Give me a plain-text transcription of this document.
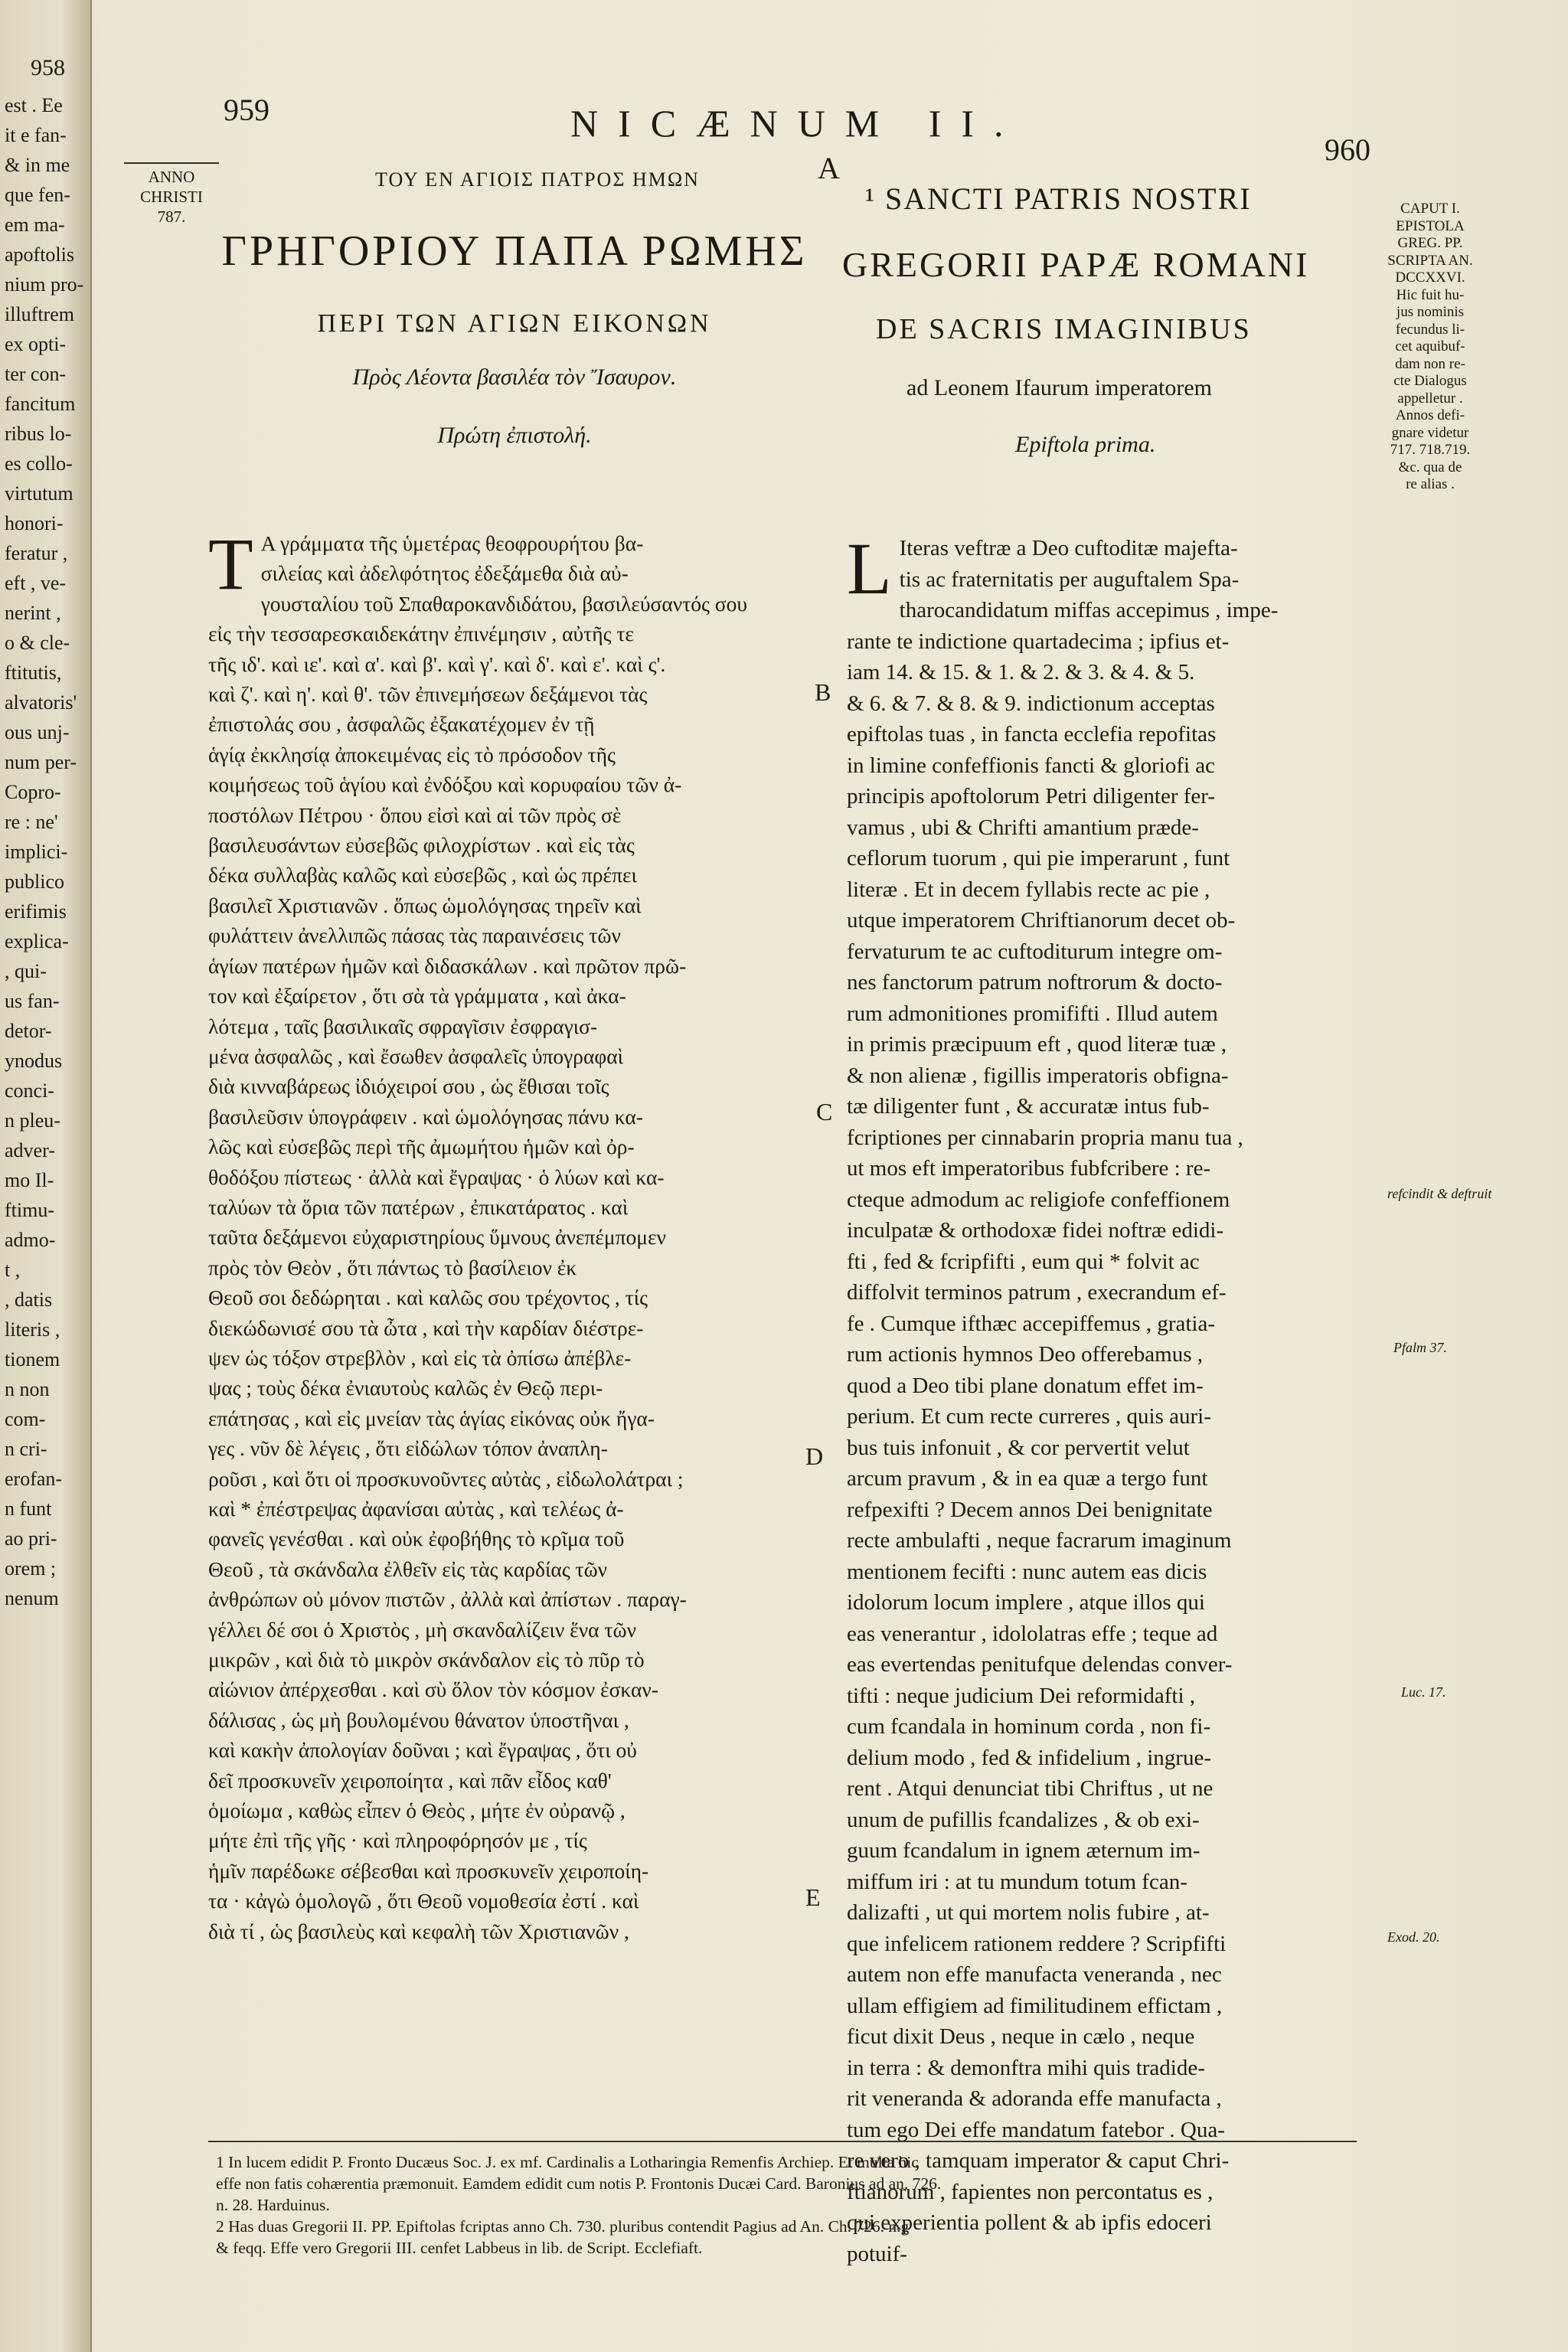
958
est . Ee
it e fan-
& in me
que fen-
em ma-
apoftolis
nium pro-
illuftrem
ex opti-
ter con-
fancitum
ribus lo-
es collo-
virtutum
honori-
feratur ,
eft , ve-
nerint ,
o & cle-
ftitutis,
alvatoris'
ous unj-
num per-
Copro-
re : ne'
implici-
publico
erifimis
explica-
, qui-
us fan-
detor-
ynodus
conci-
n pleu-
adver-
mo Il-
ftimu-
admo-
t ,
, datis
literis ,
tionem
n non
com-
n cri-
erofan-
n funt
ao pri-
orem ;
nenum
959	NICÆNUM II.
A
960
ANNO
CHRISTI
787.
ΤΟΥ ΕΝ ΑΓΙΟΙΣ ΠΑΤΡΟΣ ΗΜΩΝ
ΓΡΗΓΟΡΙΟΥ ΠΑΠΑ ΡΩΜΗΣ
ΠΕΡΙ ΤΩΝ ΑΓΙΩΝ ΕΙΚΟΝΩΝ
Πρὸς Λέοντα βασιλέα τὸν Ἴσαυρον.
Πρώτη ἐπιστολή.
¹ SANCTI PATRIS NOSTRI
GREGORII PAPÆ ROMANI
DE SACRIS IMAGINIBUS
ad Leonem Ifaurum imperatorem
Epiftola prima.
Τ Α γράμματα τῆς ὑμετέρας θεοφρουρήτου βα-
σιλείας καὶ ἀδελφότητος ἐδεξάμεθα διὰ αὐ-
γουσταλίου τοῦ Σπαθαροκανδιδάτου, βασιλεύσαντός σου
εἰς τὴν τεσσαρεσκαιδεκάτην ἐπινέμησιν , αὐτῆς τε
τῆς ιδ'. καὶ ιε'. καὶ α'. καὶ β'. καὶ γ'. καὶ δ'. καὶ ε'. καὶ ς'.
καὶ ζ'. καὶ η'. καὶ θ'. τῶν ἐπινεμήσεων δεξάμενοι τὰς
ἐπιστολάς σου , ἀσφαλῶς ἐξακατέχομεν ἐν τῇ
ἁγίᾳ ἐκκλησίᾳ ἀποκειμένας εἰς τὸ πρόσοδον τῆς
κοιμήσεως τοῦ ἁγίου καὶ ἐνδόξου καὶ κορυφαίου τῶν ἀ-
ποστόλων Πέτρου · ὅπου εἰσὶ καὶ αἱ τῶν πρὸς σὲ
βασιλευσάντων εὐσεβῶς φιλοχρίστων . καὶ εἰς τὰς
δέκα συλλαβὰς καλῶς καὶ εὐσεβῶς , καὶ ὡς πρέπει
βασιλεῖ Χριστιανῶν . ὅπως ὡμολόγησας τηρεῖν καὶ
φυλάττειν ἀνελλιπῶς πάσας τὰς παραινέσεις τῶν
ἁγίων πατέρων ἡμῶν καὶ διδασκάλων . καὶ πρῶτον πρῶ-
τον καὶ ἐξαίρετον , ὅτι σὰ τὰ γράμματα , καὶ ἀκα-
λότεμα , ταῖς βασιλικαῖς σφραγῖσιν ἐσφραγισ-
μένα ἀσφαλῶς , καὶ ἔσωθεν ἀσφαλεῖς ὑπογραφαὶ
διὰ κινναβάρεως ἰδιόχειροί σου , ὡς ἔθισαι τοῖς
βασιλεῦσιν ὑπογράφειν . καὶ ὡμολόγησας πάνυ κα-
λῶς καὶ εὐσεβῶς περὶ τῆς ἀμωμήτου ἡμῶν καὶ ὀρ-
θοδόξου πίστεως · ἀλλὰ καὶ ἔγραψας · ὁ λύων καὶ κα-
ταλύων τὰ ὅρια τῶν πατέρων , ἐπικατάρατος . καὶ
ταῦτα δεξάμενοι εὐχαριστηρίους ὕμνους ἀνεπέμπομεν
πρὸς τὸν Θεὸν , ὅτι πάντως τὸ βασίλειον ἐκ
Θεοῦ σοι δεδώρηται . καὶ καλῶς σου τρέχοντος , τίς
διεκώδωνισέ σου τὰ ὦτα , καὶ τὴν καρδίαν διέστρε-
ψεν ὡς τόξον στρεβλὸν , καὶ εἰς τὰ ὀπίσω ἀπέβλε-
ψας ; τοὺς δέκα ἐνιαυτοὺς καλῶς ἐν Θεῷ περι-
επάτησας , καὶ εἰς μνείαν τὰς ἁγίας εἰκόνας οὐκ ἤγα-
γες . νῦν δὲ λέγεις , ὅτι εἰδώλων τόπον ἀναπλη-
ροῦσι , καὶ ὅτι οἱ προσκυνοῦντες αὐτὰς , εἰδωλολάτραι ;
καὶ * ἐπέστρεψας ἀφανίσαι αὐτὰς , καὶ τελέως ἀ-
φανεῖς γενέσθαι . καὶ οὐκ ἐφοβήθης τὸ κρῖμα τοῦ
Θεοῦ , τὰ σκάνδαλα ἐλθεῖν εἰς τὰς καρδίας τῶν
ἀνθρώπων οὐ μόνον πιστῶν , ἀλλὰ καὶ ἀπίστων . παραγ-
γέλλει δέ σοι ὁ Χριστὸς , μὴ σκανδαλίζειν ἕνα τῶν
μικρῶν , καὶ διὰ τὸ μικρὸν σκάνδαλον εἰς τὸ πῦρ τὸ
αἰώνιον ἀπέρχεσθαι . καὶ σὺ ὅλον τὸν κόσμον ἐσκαν-
δάλισας , ὡς μὴ βουλομένου θάνατον ὑποστῆναι ,
καὶ κακὴν ἀπολογίαν δοῦναι ; καὶ ἔγραψας , ὅτι οὐ
δεῖ προσκυνεῖν χειροποίητα , καὶ πᾶν εἶδος καθ'
ὁμοίωμα , καθὼς εἶπεν ὁ Θεὸς , μήτε ἐν οὐρανῷ ,
μήτε ἐπὶ τῆς γῆς · καὶ πληροφόρησόν με , τίς
ἡμῖν παρέδωκε σέβεσθαι καὶ προσκυνεῖν χειροποίη-
τα · κἀγὼ ὁμολογῶ , ὅτι Θεοῦ νομοθεσία ἐστί . καὶ
διὰ τί , ὡς βασιλεὺς καὶ κεφαλὴ τῶν Χριστιανῶν ,
L Iteras veftræ a Deo cuftoditæ majefta-
tis ac fraternitatis per auguftalem Spa-
tharocandidatum miffas accepimus , impe-
rante te indictione quartadecima ; ipfius et-
iam 14. & 15. & 1. & 2. & 3. & 4. & 5.
& 6. & 7. & 8. & 9. indictionum acceptas
epiftolas tuas , in fancta ecclefia repofitas
in limine confeffionis fancti & gloriofi ac
principis apoftolorum Petri diligenter fer-
vamus , ubi & Chrifti amantium præde-
ceflorum tuorum , qui pie imperarunt , funt
literæ . Et in decem fyllabis recte ac pie ,
utque imperatorem Chriftianorum decet ob-
fervaturum te ac cuftoditurum integre om-
nes fanctorum patrum noftrorum & docto-
rum admonitiones promififti . Illud autem
in primis præcipuum eft , quod literæ tuæ ,
& non alienæ , figillis imperatoris obfigna-
tæ diligenter funt , & accuratæ intus fub-
fcriptiones per cinnabarin propria manu tua ,
ut mos eft imperatoribus fubfcribere : re-
cteque admodum ac religiofe confeffionem
inculpatæ & orthodoxæ fidei noftræ edidi-
fti , fed & fcripfifti , eum qui * folvit ac
diffolvit terminos patrum , execrandum ef-
fe . Cumque ifthæc accepiffemus , gratia-
rum actionis hymnos Deo offerebamus ,
quod a Deo tibi plane donatum effet im-
perium. Et cum recte curreres , quis auri-
bus tuis infonuit , & cor pervertit velut
arcum pravum , & in ea quæ a tergo funt
refpexifti ? Decem annos Dei benignitate
recte ambulafti , neque facrarum imaginum
mentionem fecifti : nunc autem eas dicis
idolorum locum implere , atque illos qui
eas venerantur , idololatras effe ; teque ad
eas evertendas penitufque delendas conver-
tifti : neque judicium Dei reformidafti ,
cum fcandala in hominum corda , non fi-
delium modo , fed & infidelium , ingrue-
rent . Atqui denunciat tibi Chriftus , ut ne
unum de pufillis fcandalizes , & ob exi-
guum fcandalum in ignem æternum im-
miffum iri : at tu mundum totum fcan-
dalizafti , ut qui mortem nolis fubire , at-
que infelicem rationem reddere ? Scripfifti
autem non effe manufacta veneranda , nec
ullam effigiem ad fimilitudinem effictam ,
ficut dixit Deus , neque in cælo , neque
in terra : & demonftra mihi quis tradide-
rit veneranda & adoranda effe manufacta ,
tum ego Dei effe mandatum fatebor . Qua-
re vero , tamquam imperator & caput Chri-
ftianorum , fapientes non percontatus es ,
qui experientia pollent & ab ipfis edoceri
potuif-
B
C
D
E
CAPUT I.
EPISTOLA
GREG. PP.
SCRIPTA AN.
DCCXXVI.
Hic fuit hu-
jus nominis
fecundus li-
cet aquibuf-
dam non re-
cte Dialogus
appelletur .
Annos defi-
gnare videtur
717. 718.719.
&c. qua de
re alias .
refcindit & deftruit
Pfalm 37.
Luc. 17.
Exod. 20.
1 In lucem edidit P. Fronto Ducæus Soc. J. ex mf. Cardinalis a Lotharingia Remenfis Archiep. Et multa hic
effe non fatis cohærentia præmonuit. Eamdem edidit cum notis P. Frontonis Ducæi Card. Baronius ad an. 726.
n. 28. Harduinus.
2 Has duas Gregorii II. PP. Epiftolas fcriptas anno Ch. 730. pluribus contendit Pagius ad An. Ch. 726. n.g
& feqq. Effe vero Gregorii III. cenfet Labbeus in lib. de Script. Ecclefiaft.
